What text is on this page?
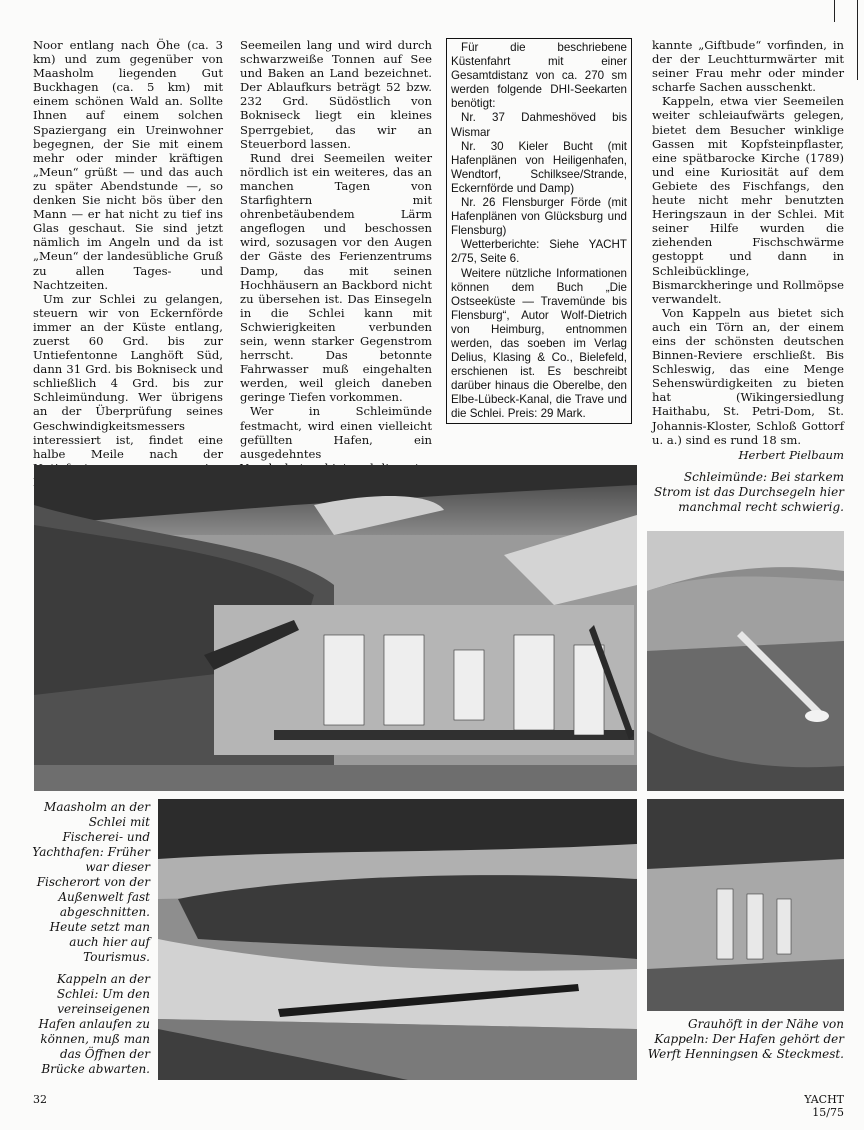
Noor entlang nach Öhe (ca. 3 km) und zum gegenüber von Maasholm liegenden Gut Buckhagen (ca. 5 km) mit einem schönen Wald an. Sollte Ihnen auf einem solchen Spaziergang ein Ureinwohner begegnen, der Sie mit einem mehr oder minder kräftigen „Meun“ grüßt — und das auch zu später Abendstunde —, so denken Sie nicht bös über den Mann — er hat nicht zu tief ins Glas geschaut. Sie sind jetzt nämlich im Angeln und da ist „Meun“ der landesübliche Gruß zu allen Tages- und Nachtzeiten.

Um zur Schlei zu gelangen, steuern wir von Eckernförde immer an der Küste entlang, zuerst 60 Grd. bis zur Untiefentonne Langhöft Süd, dann 31 Grd. bis Bokniseck und schließlich 4 Grd. bis zur Schleimündung. Wer übrigens an der Überprüfung seines Geschwindigkeitsmessers interessiert ist, findet eine halbe Meile nach der

Seemeilen lang und wird durch schwarzweiße Tonnen auf See und Baken an Land bezeichnet. Der Ablaufkurs beträgt 52 bzw. 232 Grd. Südöstlich von Bokniseck liegt ein kleines Sperrgebiet, das wir an Steuerbord lassen.

Rund drei Seemeilen weiter nördlich ist ein weiteres, das an manchen Tagen von Starfightern mit ohrenbetäubendem Lärm angeflogen und beschossen wird, sozusagen vor den Augen der Gäste des Ferienzentrums Damp, das mit seinen Hochhäusern an Backbord nicht zu übersehen ist. Das Einsegeln in die Schlei kann mit Schwierigkeiten verbunden sein, wenn starker Gegenstrom herrscht. Das betonnte Fahrwasser muß eingehalten werden, weil gleich daneben geringe Tiefen vorkommen.

Wer in Schleimünde festmacht, wird einen vielleicht gefüllten Hafen, ein ausgedehntes

Für die beschriebene Küstenfahrt mit einer Gesamtdistanz von ca. 270 sm werden folgende DHI-Seekarten benötigt:

Nr. 37 Dahmeshöved bis Wismar

Nr. 30 Kieler Bucht (mit Hafenplänen von Heiligenhafen, Wendtorf, Schilksee/Strande, Eckernförde und Damp)

Nr. 26 Flensburger Förde (mit Hafenplänen von Glücksburg und Flensburg)

Wetterberichte: Siehe YACHT 2/75, Seite 6.

Weitere nützliche Informationen können dem Buch „Die Ostseeküste — Travemünde bis Flensburg“, Autor Wolf-Dietrich von Heimburg, entnommen werden, das soeben im Verlag Delius, Klasing & Co., Bielefeld, erschienen ist. Es beschreibt darüber hinaus die Oberelbe, den Elbe-Lübeck-Kanal, die Trave und die Schlei. Preis: 29 Mark.

kannte „Giftbude“ vorfinden, in der der Leuchtturmwärter mit seiner Frau mehr oder minder scharfe Sachen ausschenkt.

Kappeln, etwa vier Seemeilen weiter schleiaufwärts gelegen, bietet dem Besucher winklige Gassen mit Kopfsteinpflaster, eine spätbarocke Kirche (1789) und eine Kuriosität auf dem Gebiete des Fischfangs, den heute nicht mehr benutzten Heringszaun in der Schlei. Mit seiner Hilfe wurden die ziehenden Fischschwärme gestoppt und dann in Schleibücklinge, Bismarckheringe und Rollmöpse verwandelt.

Von Kappeln aus bietet sich auch ein Törn an, der einem eins der schönsten deutschen Binnen-Reviere erschließt. Bis Schleswig, das eine Menge Sehenswürdigkeiten zu bieten hat (Wikingersiedlung Haithabu, St. Petri-Dom, St. Johannis-Kloster, Schloß Gottorf u. a.) sind es rund 18 sm.

Herbert Pielbaum

Schleimünde: Bei starkem Strom ist das Durchsegeln hier manchmal recht schwierig.
Maasholm an der Schlei mit Fischerei- und Yachthafen: Früher war dieser Fischerort von der Außenwelt fast abgeschnitten. Heute setzt man auch hier auf Tourismus.
Kappeln an der Schlei: Um den vereinseigenen Hafen anlaufen zu können, muß man das Öffnen der Brücke abwarten.
Grauhöft in der Nähe von Kappeln: Der Hafen gehört der Werft Henningsen & Steckmest.
32	YACHT 15/75
